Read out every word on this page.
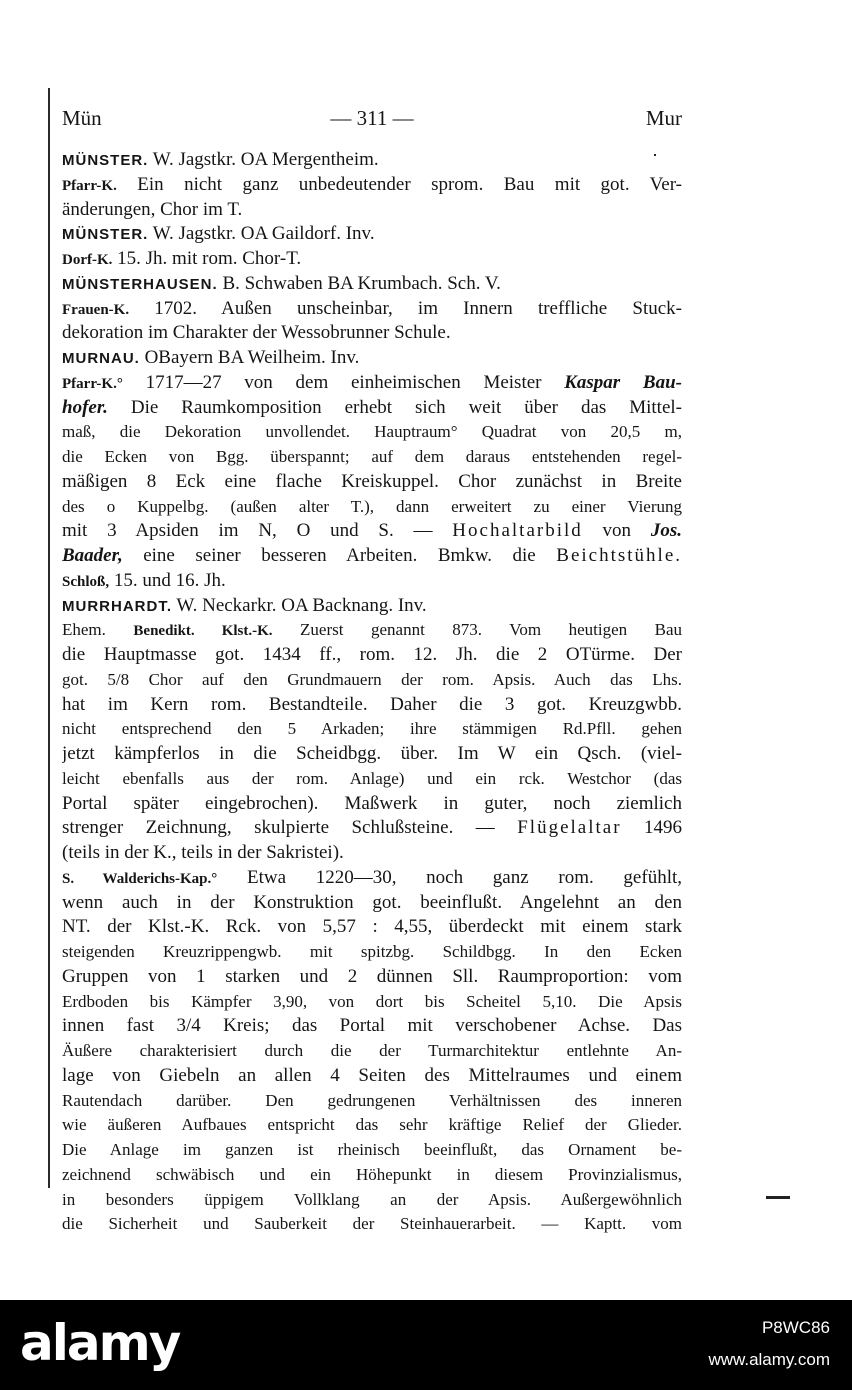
Mün	— 311 —	Mur
MÜNSTER. W. Jagstkr. OA Mergentheim.
Pfarr-K. Ein nicht ganz unbedeutender sprom. Bau mit got. Ver-
änderungen, Chor im T.
MÜNSTER. W. Jagstkr. OA Gaildorf. Inv.
Dorf-K. 15. Jh. mit rom. Chor-T.
MÜNSTERHAUSEN. B. Schwaben BA Krumbach. Sch. V.
Frauen-K. 1702. Außen unscheinbar, im Innern treffliche Stuck-
dekoration im Charakter der Wessobrunner Schule.
MURNAU. OBayern BA Weilheim. Inv.
Pfarr-K.° 1717—27 von dem einheimischen Meister Kaspar Bau-
hofer. Die Raumkomposition erhebt sich weit über das Mittel-
maß, die Dekoration unvollendet. Hauptraum° Quadrat von 20,5 m,
die Ecken von Bgg. überspannt; auf dem daraus entstehenden regel-
mäßigen 8 Eck eine flache Kreiskuppel. Chor zunächst in Breite
des o Kuppelbg. (außen alter T.), dann erweitert zu einer Vierung
mit 3 Apsiden im N, O und S. — Hochaltarbild von Jos.
Baader, eine seiner besseren Arbeiten. Bmkw. die Beichtstühle.
Schloß, 15. und 16. Jh.
MURRHARDT. W. Neckarkr. OA Backnang. Inv.
Ehem. Benedikt. Klst.-K. Zuerst genannt 873. Vom heutigen Bau
die Hauptmasse got. 1434 ff., rom. 12. Jh. die 2 OTürme. Der
got. 5/8 Chor auf den Grundmauern der rom. Apsis. Auch das Lhs.
hat im Kern rom. Bestandteile. Daher die 3 got. Kreuzgwbb.
nicht entsprechend den 5 Arkaden; ihre stämmigen Rd.Pfll. gehen
jetzt kämpferlos in die Scheidbgg. über. Im W ein Qsch. (viel-
leicht ebenfalls aus der rom. Anlage) und ein rck. Westchor (das
Portal später eingebrochen). Maßwerk in guter, noch ziemlich
strenger Zeichnung, skulpierte Schlußsteine. — Flügelaltar 1496
(teils in der K., teils in der Sakristei).
S. Walderichs-Kap.° Etwa 1220—30, noch ganz rom. gefühlt,
wenn auch in der Konstruktion got. beeinflußt. Angelehnt an den
NT. der Klst.-K. Rck. von 5,57 : 4,55, überdeckt mit einem stark
steigenden Kreuzrippengwb. mit spitzbg. Schildbgg. In den Ecken
Gruppen von 1 starken und 2 dünnen Sll. Raumproportion: vom
Erdboden bis Kämpfer 3,90, von dort bis Scheitel 5,10. Die Apsis
innen fast 3/4 Kreis; das Portal mit verschobener Achse. Das
Äußere charakterisiert durch die der Turmarchitektur entlehnte An-
lage von Giebeln an allen 4 Seiten des Mittelraumes und einem
Rautendach darüber. Den gedrungenen Verhältnissen des inneren
wie äußeren Aufbaues entspricht das sehr kräftige Relief der Glieder.
Die Anlage im ganzen ist rheinisch beeinflußt, das Ornament be-
zeichnend schwäbisch und ein Höhepunkt in diesem Provinzialismus,
in besonders üppigem Vollklang an der Apsis. Außergewöhnlich
die Sicherheit und Sauberkeit der Steinhauerarbeit. — Kaptt. vom
alamy	P8WC86
www.alamy.com
